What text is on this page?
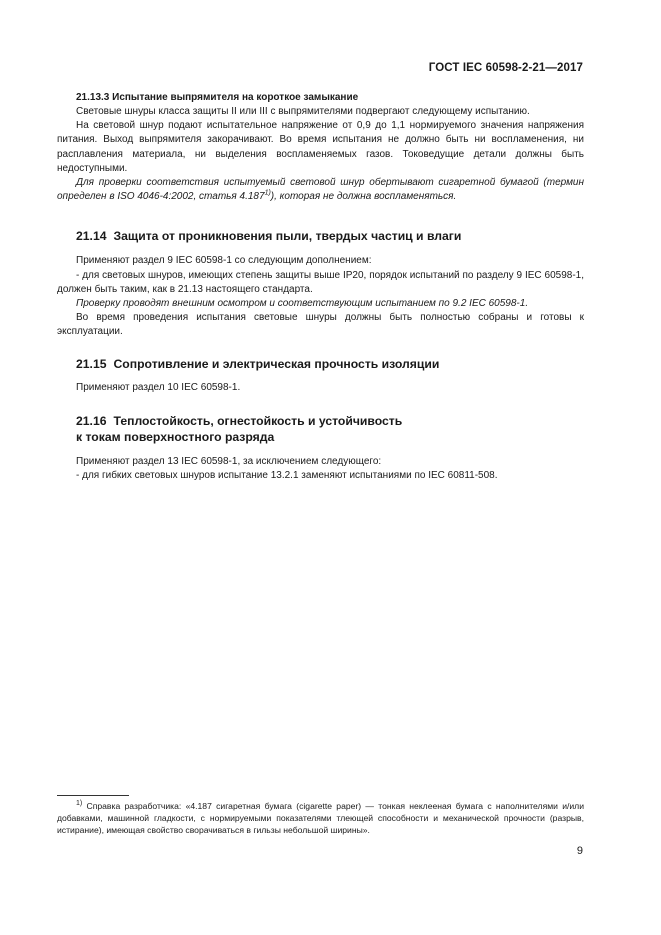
ГОСТ IEC 60598-2-21—2017
21.13.3 Испытание выпрямителя на короткое замыкание

Световые шнуры класса защиты II или III с выпрямителями подвергают следующему испытанию.

На световой шнур подают испытательное напряжение от 0,9 до 1,1 нормируемого значения напряжения питания. Выход выпрямителя закорачивают. Во время испытания не должно быть ни воспламенения, ни расплавления материала, ни выделения воспламеняемых газов. Токоведущие детали должны быть недоступными.

Для проверки соответствия испытуемый световой шнур обертывают сигаретной бумагой (термин определен в ISO 4046-4:2002, статья 4.187$^{1)}$), которая не должна воспламеняться.

21.14 Защита от проникновения пыли, твердых частиц и влаги

Применяют раздел 9 IEC 60598-1 со следующим дополнением:

- для световых шнуров, имеющих степень защиты выше IP20, порядок испытаний по разделу 9 IEC 60598-1, должен быть таким, как в 21.13 настоящего стандарта.

Проверку проводят внешним осмотром и соответствующим испытанием по 9.2 IEC 60598-1.

Во время проведения испытания световые шнуры должны быть полностью собраны и готовы к эксплуатации.

21.15 Сопротивление и электрическая прочность изоляции

Применяют раздел 10 IEC 60598-1.

21.16 Теплостойкость, огнестойкость и устойчивость
к токам поверхностного разряда

Применяют раздел 13 IEC 60598-1, за исключением следующего:

- для гибких световых шнуров испытание 13.2.1 заменяют испытаниями по IEC 60811-508.

$^{1)}$ Справка разработчика: «4.187 сигаретная бумага (cigarette paper) — тонкая неклееная бумага с наполнителями и/или добавками, машинной гладкости, с нормируемыми показателями тлеющей способности и механической прочности (разрыв, истирание), имеющая свойство сворачиваться в гильзы небольшой ширины».

9
